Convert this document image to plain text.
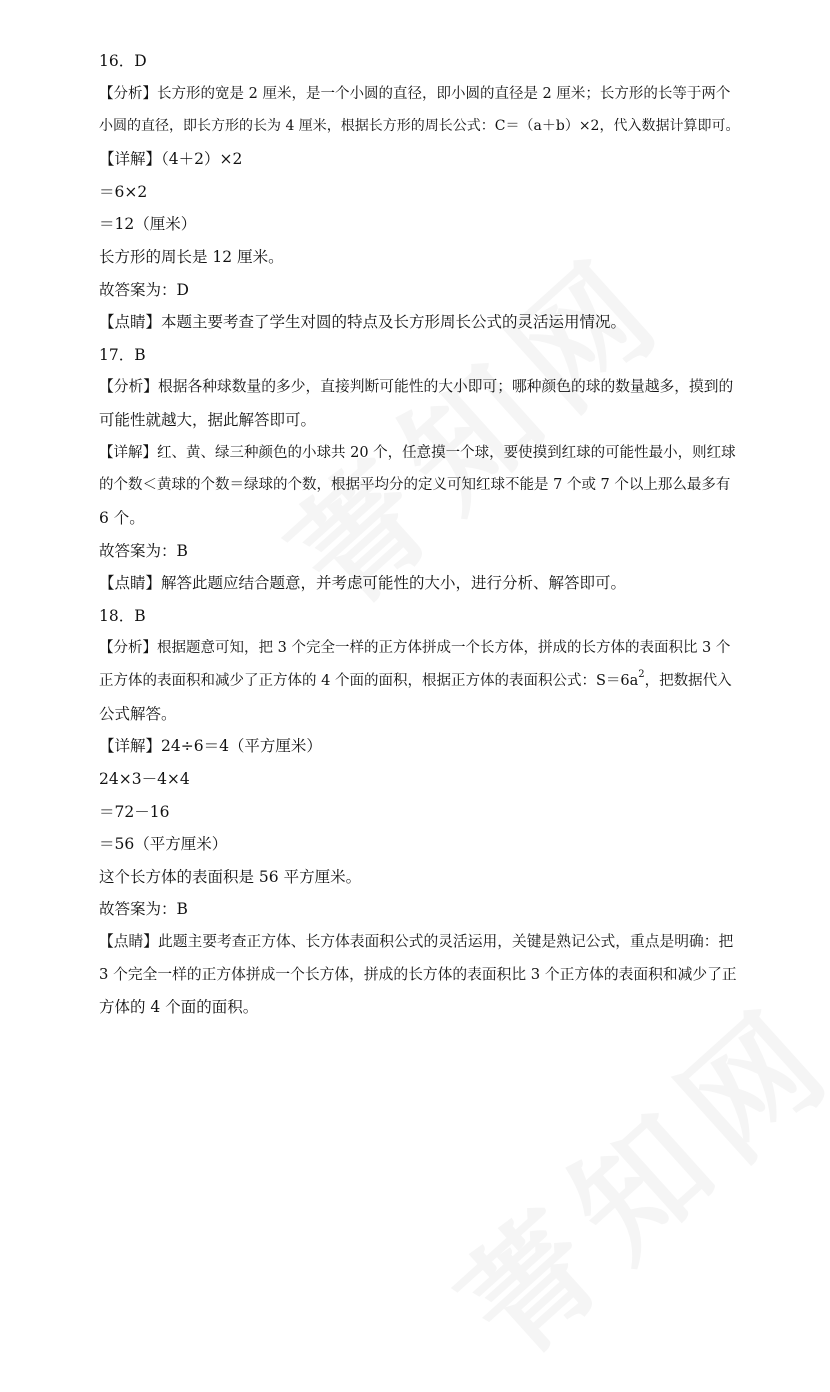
16．D
【分析】长方形的宽是 2 厘米，是一个小圆的直径，即小圆的直径是 2 厘米；长方形的长等于两个
小圆的直径，即长方形的长为 4 厘米，根据长方形的周长公式：C＝（a＋b）×2，代入数据计算即可。
【详解】（4＋2）×2
＝6×2
＝12（厘米）
长方形的周长是 12 厘米。
故答案为：D
【点睛】本题主要考查了学生对圆的特点及长方形周长公式的灵活运用情况。
17．B
【分析】根据各种球数量的多少，直接判断可能性的大小即可；哪种颜色的球的数量越多，摸到的
可能性就越大，据此解答即可。
【详解】红、黄、绿三种颜色的小球共 20 个，任意摸一个球，要使摸到红球的可能性最小，则红球
的个数＜黄球的个数＝绿球的个数，根据平均分的定义可知红球不能是 7 个或 7 个以上那么最多有
6 个。
故答案为：B
【点睛】解答此题应结合题意，并考虑可能性的大小，进行分析、解答即可。
18．B
【分析】根据题意可知，把 3 个完全一样的正方体拼成一个长方体，拼成的长方体的表面积比 3 个
正方体的表面积和减少了正方体的 4 个面的面积，根据正方体的表面积公式：$S=6a^2$，把数据代入
公式解答。
【详解】24÷6＝4（平方厘米）
24×3－4×4
＝72－16
＝56（平方厘米）
这个长方体的表面积是 56 平方厘米。
故答案为：B
【点睛】此题主要考查正方体、长方体表面积公式的灵活运用，关键是熟记公式，重点是明确：把
3 个完全一样的正方体拼成一个长方体，拼成的长方体的表面积比 3 个正方体的表面积和减少了正
方体的 4 个面的面积。
